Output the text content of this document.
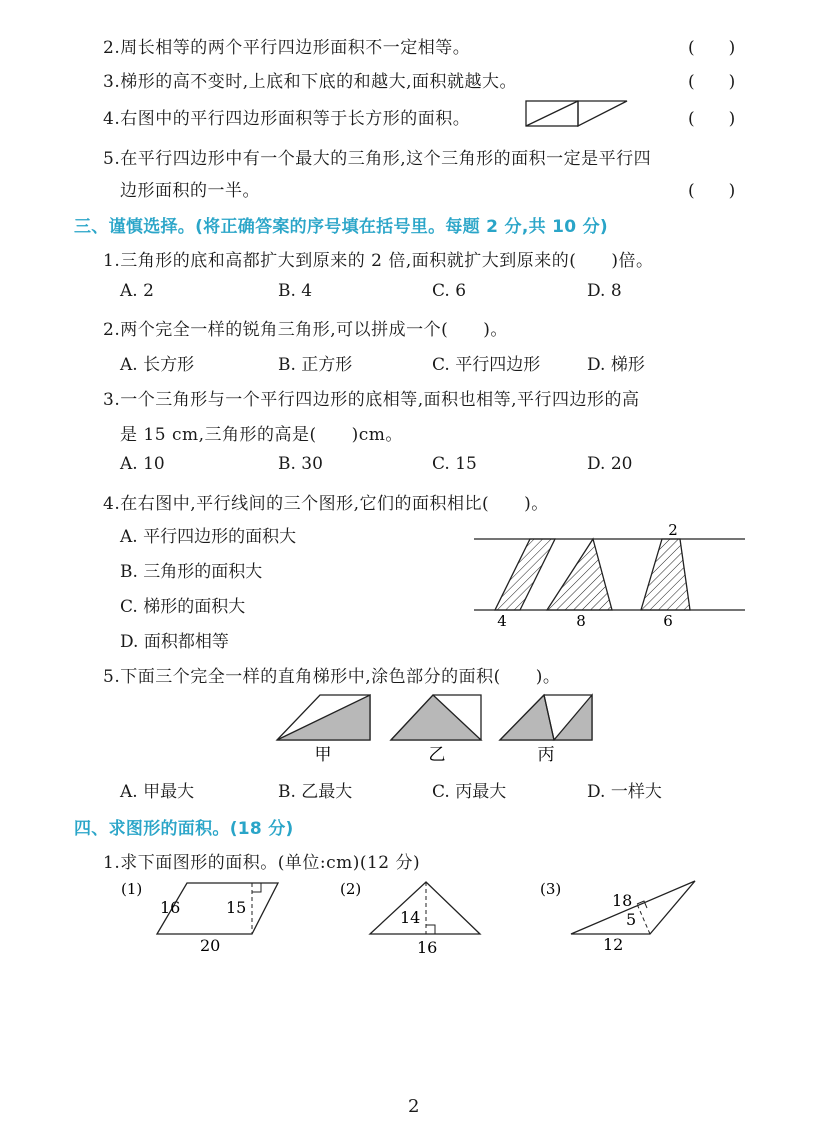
2.周长相等的两个平行四边形面积不一定相等。	(　　)
3.梯形的高不变时,上底和下底的和越大,面积就越大。	(　　)
4.右图中的平行四边形面积等于长方形的面积。	(　　)
5.在平行四边形中有一个最大的三角形,这个三角形的面积一定是平行四
边形面积的一半。	(　　)
三、谨慎选择。(将正确答案的序号填在括号里。每题 2 分,共 10 分)
1.三角形的底和高都扩大到原来的 2 倍,面积就扩大到原来的(　　)倍。
A. 2	B. 4	C. 6	D. 8
2.两个完全一样的锐角三角形,可以拼成一个(　　)。
A. 长方形	B. 正方形	C. 平行四边形	D. 梯形
3.一个三角形与一个平行四边形的底相等,面积也相等,平行四边形的高
是 15 cm,三角形的高是(　　)cm。
A. 10	B. 30	C. 15	D. 20
4.在右图中,平行线间的三个图形,它们的面积相比(　　)。
A. 平行四边形的面积大
B. 三角形的面积大
C. 梯形的面积大
D. 面积都相等
2
4	8	6
5.下面三个完全一样的直角梯形中,涂色部分的面积(　　)。
甲	乙	丙
A. 甲最大	B. 乙最大	C. 丙最大	D. 一样大
四、求图形的面积。(18 分)
1.求下面图形的面积。(单位:cm)(12 分)
(1)
16	15
20
(2)
14
16
(3)
18
5
12
2
